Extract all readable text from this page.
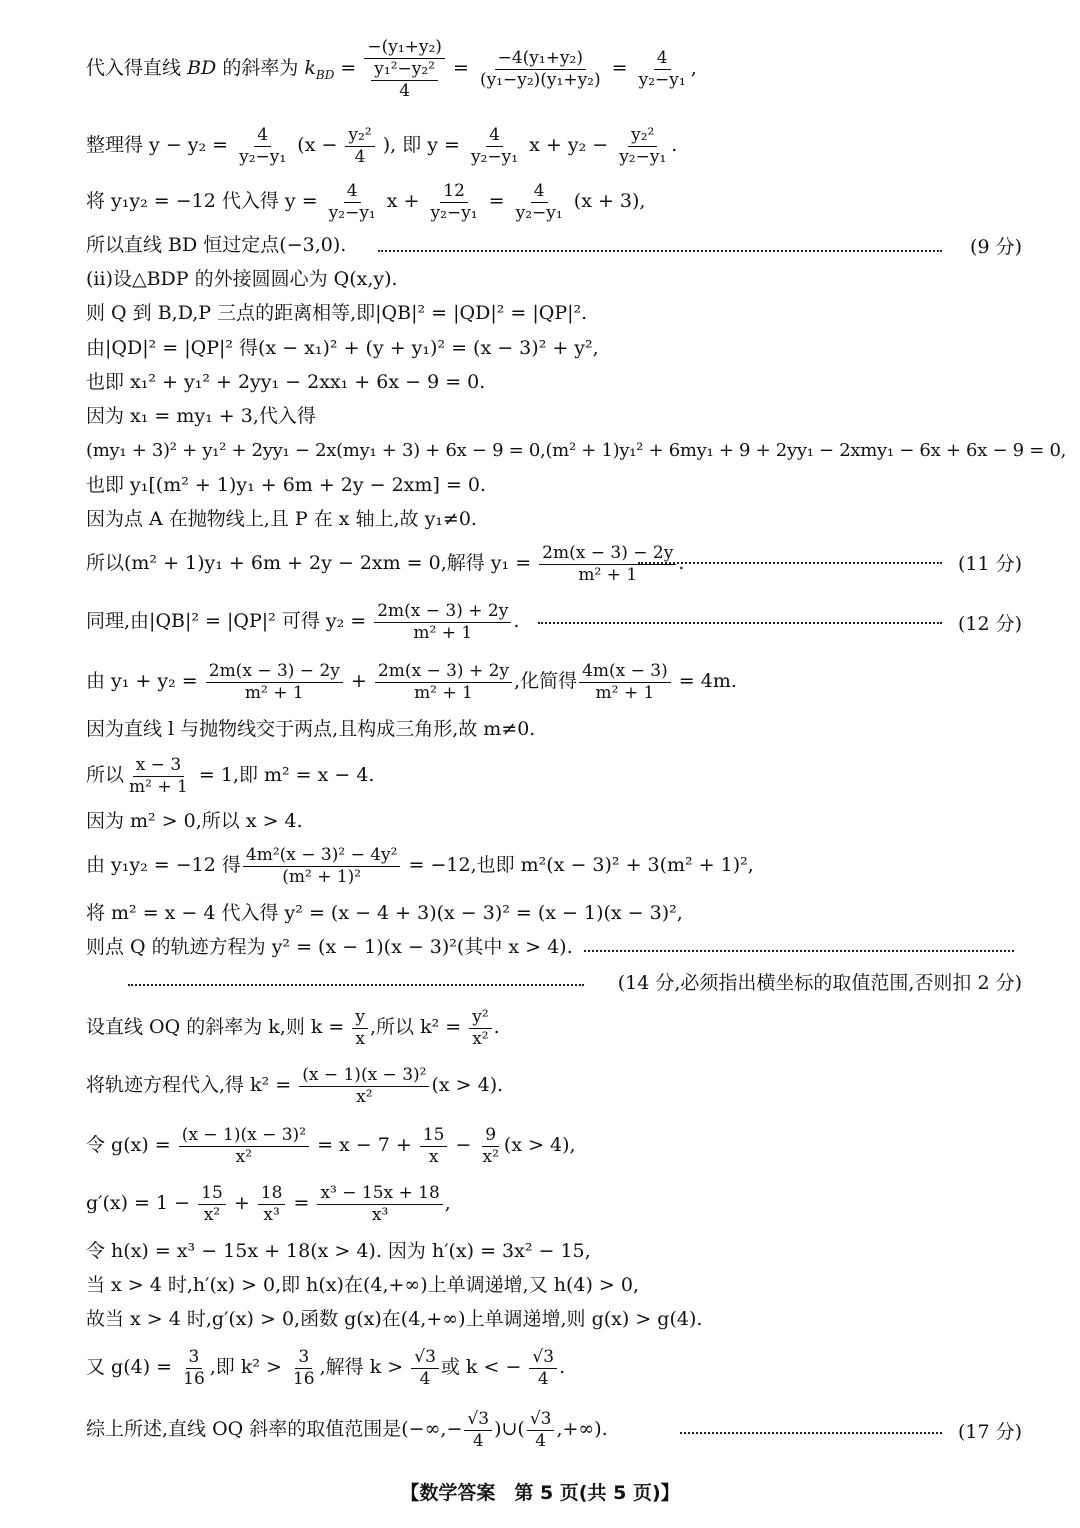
代入得直线 BD 的斜率为 $k_{BD} = -(y_1+y_2)$
y₁²−y₂²
$4 = \frac{\text{−4(y₁+y₂)}}{\text{(y₁−y₂)(y₁+y₂)}} = \frac{4}{\text{y₂−y₁}}$ ,
整理得 $y - y_2 = \frac{4}{\text{y₂−y₁}} (x - \frac{\text{y₂²}}{4}$ ), 即 $y = \frac{4}{\text{y₂−y₁}}$ $x + y_2 - \frac{\text{y₂²}}{\text{y₂−y₁}}$ .
将 y₁y₂ = −12 代入得 $y = \frac{4}{\text{y₂−y₁}}$ $x + \frac{12}{\text{y₂−y₁}} = \frac{4}{\text{y₂−y₁}} (x + 3)$,
所以直线 BD 恒过定点(−3,0).	(9 分)
(ⅱ)设△BDP 的外接圆圆心为 Q(x,y).
则 Q 到 B,D,P 三点的距离相等,即|QB|² = |QD|² = |QP|².
由|QD|² = |QP|² 得(x − x₁)² + (y + y₁)² = (x − 3)² + y²,
也即 x₁² + y₁² + 2yy₁ − 2xx₁ + 6x − 9 = 0.
因为 x₁ = my₁ + 3,代入得
(my₁ + 3)² + y₁² + 2yy₁ − 2x(my₁ + 3) + 6x − 9 = 0,(m² + 1)y₁² + 6my₁ + 9 + 2yy₁ − 2xmy₁ − 6x + 6x − 9 = 0,
也即 y₁[(m² + 1)y₁ + 6m + 2y − 2xm] = 0.
因为点 A 在抛物线上,且 P 在 x 轴上,故 y₁≠0.
所以(m² + 1)y₁ + 6m + 2y − 2xm = 0,解得 $y_1 = \frac{2m(x - 3) - 2y}{\text{m² + 1}}$ .	(11 分)
同理,由|QB|² = |QP|² 可得 $y_2 = \frac{2m(x - 3) + 2y}{\text{m² + 1}}$ .	(12 分)
由 $y_1 + y_2 = \frac{2m(x - 3) - 2y}{\text{m² + 1}} + \frac{2m(x - 3) + 2y}{\text{m² + 1}}$ ,化简得 $\frac{4m(x - 3)}{\text{m² + 1}} = 4m$.
因为直线 l 与抛物线交于两点,且构成三角形,故 m≠0.
所以 $\frac{x - 3}{\text{m² + 1}} = 1$,即 m² = x − 4.
因为 m² > 0,所以 x > 4.
由 y₁y₂ = −12 得 $\frac{\text{4m²(x − 3)² − 4y²}}{\text{(m² + 1)²}} = -12$,也即 m²(x − 3)² + 3(m² + 1)²,
将 m² = x − 4 代入得 y² = (x − 4 + 3)(x − 3)² = (x − 1)(x − 3)²,
则点 Q 的轨迹方程为 y² = (x − 1)(x − 3)²(其中 x > 4).
(14 分,必须指出横坐标的取值范围,否则扣 2 分)
设直线 OQ 的斜率为 k,则 $k = \frac{y}{x}$ ,所以 $k^2 = \frac{\text{y²}}{\text{x²}}$ .
将轨迹方程代入,得 $k^2 = \frac{\text{(x − 1)(x − 3)²}}{\text{x²}} (x > 4)$.
令 $g(x) = \frac{\text{(x − 1)(x − 3)²}}{\text{x²}} = x - 7 + \frac{15}{x} - \frac{9}{\text{x²}} (x > 4)$,
$g'(x) = 1 - \frac{15}{\text{x²}} + \frac{18}{\text{x³}} = \frac{\text{x³ − 15x + 18}}{\text{x³}}$ ,
令 h(x) = x³ − 15x + 18(x > 4). 因为 h′(x) = 3x² − 15,
当 x > 4 时,h′(x) > 0,即 h(x)在(4,+∞)上单调递增,又 h(4) > 0,
故当 x > 4 时,g′(x) > 0,函数 g(x)在(4,+∞)上单调递增,则 g(x) > g(4).
又 $g(4) = \frac{3}{16}$ ,即 $k^2 > \frac{3}{16}$ ,解得 $k > \frac{√3}{4}$ 或 k < − $\frac{√3}{4}$ .
综上所述,直线 OQ 斜率的取值范围是(−∞,− $\frac{√3}{4}$ )∪( $\frac{√3}{4}$ ,+∞).	(17 分)
【数学答案　第 5 页(共 5 页)】
